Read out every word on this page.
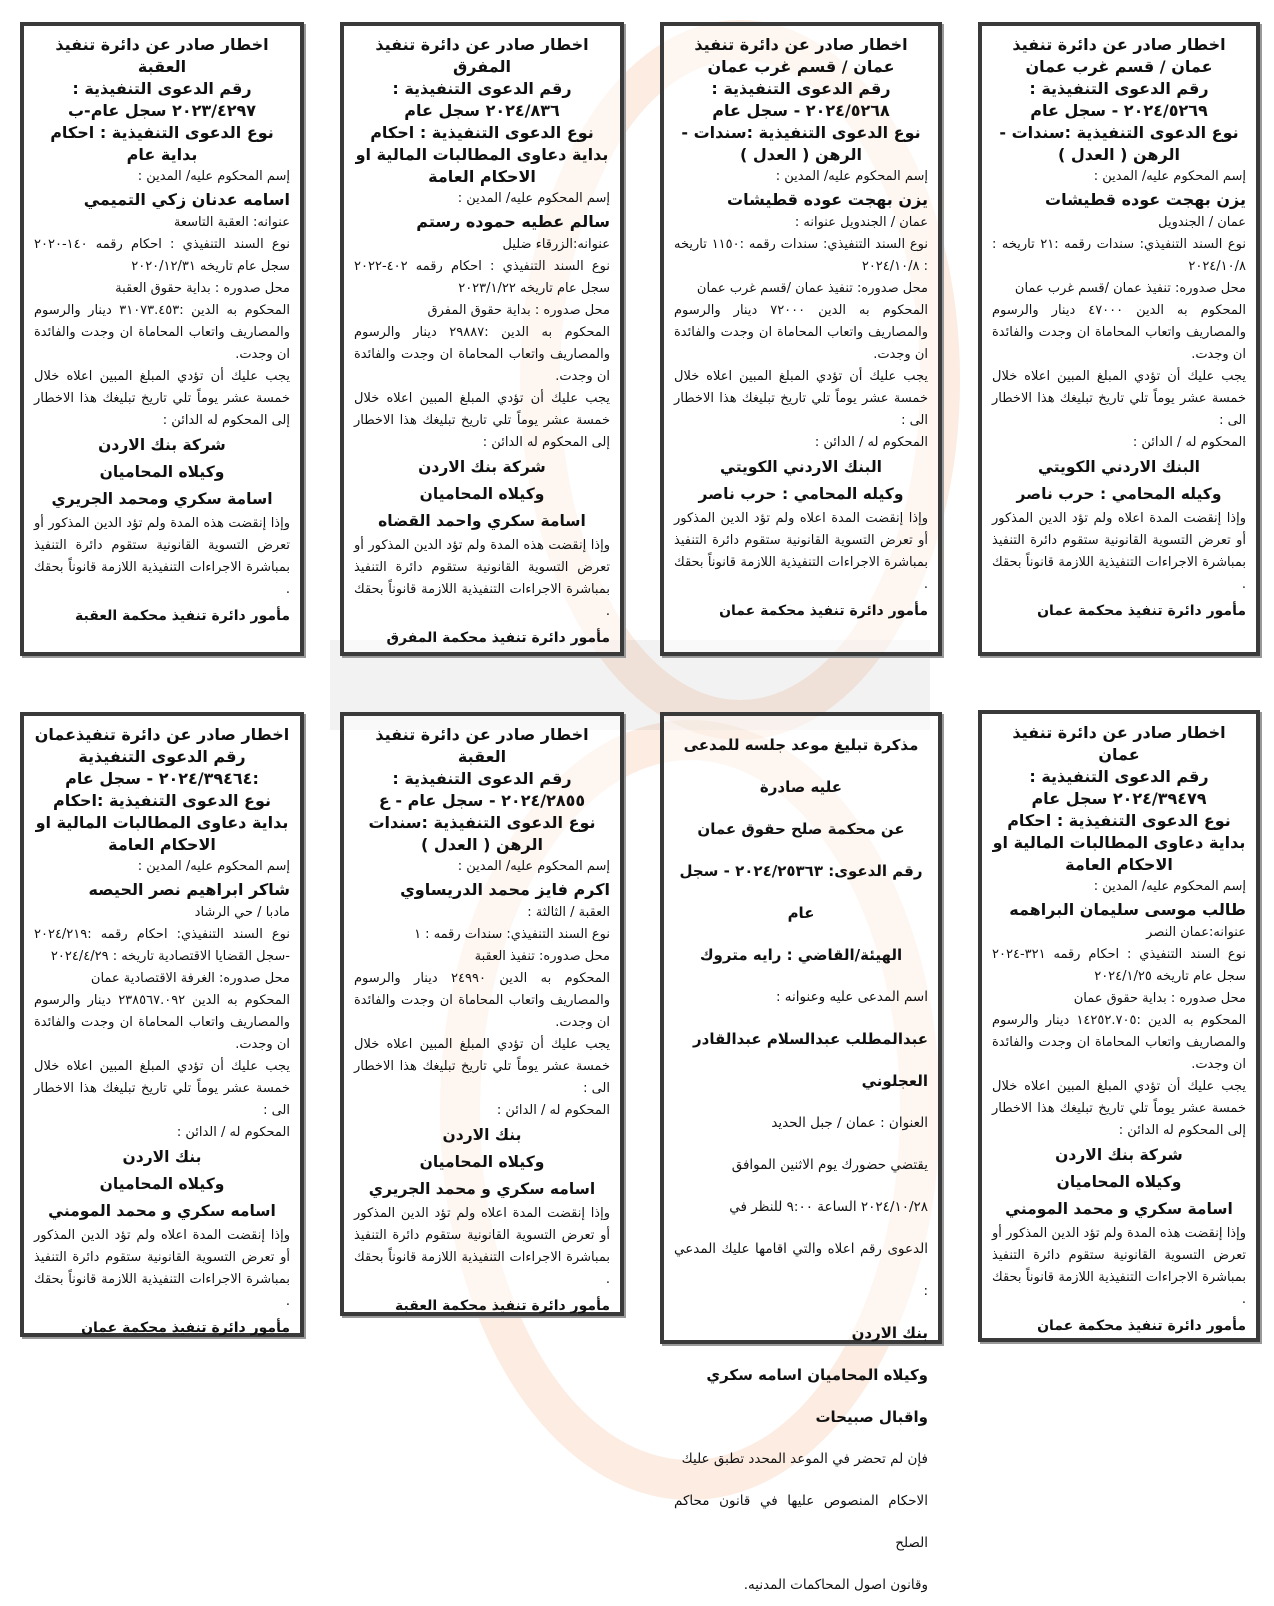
اخطار صادر عن دائرة تنفيذ عمان / قسم غرب عمان

رقم الدعوى التنفيذية : ٢٠٢٤/٥٢٦٩ - سجل عام

نوع الدعوى التنفيذية :سندات - الرهن ( العدل )

إسم المحكوم عليه/ المدين :

يزن بهجت عوده قطيشات

عمان / الجندويل

نوع السند التنفيذي: سندات رقمه :٢١ تاريخه : ٢٠٢٤/١٠/٨

محل صدوره: تنفيذ عمان /قسم غرب عمان

المحكوم به الدين ٤٧٠٠٠ دينار والرسوم والمصاريف واتعاب المحاماة ان وجدت والفائدة ان وجدت.

يجب عليك أن تؤدي المبلغ المبين اعلاه خلال خمسة عشر يوماً تلي تاريخ تبليغك هذا الاخطار الى :

المحكوم له / الدائن :

البنك الاردني الكويتي

وكيله المحامي : حرب ناصر

وإذا إنقضت المدة اعلاه ولم تؤد الدين المذكور أو تعرض التسوية القانونية ستقوم دائرة التنفيذ بمباشرة الاجراءات التنفيذية اللازمة قانوناً بحقك .

مأمور دائرة تنفيذ محكمة عمان

اخطار صادر عن دائرة تنفيذ عمان / قسم غرب عمان

رقم الدعوى التنفيذية : ٢٠٢٤/٥٢٦٨ - سجل عام

نوع الدعوى التنفيذية :سندات - الرهن ( العدل )

إسم المحكوم عليه/ المدين :

يزن بهجت عوده قطيشات

عمان / الجندويل عنوانه :

نوع السند التنفيذي: سندات رقمه :١١٥٠ تاريخه : ٢٠٢٤/١٠/٨

محل صدوره: تنفيذ عمان /قسم غرب عمان

المحكوم به الدين ٧٢٠٠٠ دينار والرسوم والمصاريف واتعاب المحاماة ان وجدت والفائدة ان وجدت.

يجب عليك أن تؤدي المبلغ المبين اعلاه خلال خمسة عشر يوماً تلي تاريخ تبليغك هذا الاخطار الى :

المحكوم له / الدائن :

البنك الاردني الكويتي

وكيله المحامي : حرب ناصر

وإذا إنقضت المدة اعلاه ولم تؤد الدين المذكور أو تعرض التسوية القانونية ستقوم دائرة التنفيذ بمباشرة الاجراءات التنفيذية اللازمة قانوناً بحقك .

مأمور دائرة تنفيذ محكمة عمان

اخطار صادر عن دائرة تنفيذ المفرق

رقم الدعوى التنفيذية : ٢٠٢٤/٨٣٦ سجل عام

نوع الدعوى التنفيذية : احكام بداية دعاوى المطالبات المالية او الاحكام العامة

إسم المحكوم عليه/ المدين :

سالم عطيه حموده رستم

عنوانه:الزرقاء ضليل

نوع السند التنفيذي : احكام رقمه ٤٠٢-٢٠٢٢ سجل عام تاريخه ٢٠٢٣/١/٢٢

محل صدوره : بداية حقوق المفرق

المحكوم به الدين :٢٩٨٨٧ دينار والرسوم والمصاريف واتعاب المحاماة ان وجدت والفائدة ان وجدت.

يجب عليك أن تؤدي المبلغ المبين اعلاه خلال خمسة عشر يوماً تلي تاريخ تبليغك هذا الاخطار إلى المحكوم له الدائن :

شركة بنك الاردن

وكيلاه المحاميان

اسامة سكري واحمد القضاه

وإذا إنقضت هذه المدة ولم تؤد الدين المذكور أو تعرض التسوية القانونية ستقوم دائرة التنفيذ بمباشرة الاجراءات التنفيذية اللازمة قانوناً بحقك .

مأمور دائرة تنفيذ محكمة المفرق

اخطار صادر عن دائرة تنفيذ العقبة

رقم الدعوى التنفيذية : ٢٠٢٣/٤٢٩٧ سجل عام-ب

نوع الدعوى التنفيذية : احكام بداية عام

إسم المحكوم عليه/ المدين :

اسامه عدنان زكي التميمي

عنوانه: العقبة التاسعة

نوع السند التنفيذي : احكام رقمه ١٤٠-٢٠٢٠ سجل عام تاريخه ٢٠٢٠/١٢/٣١

محل صدوره : بداية حقوق العقبة

المحكوم به الدين :٣١٠٧٣.٤٥٣ دينار والرسوم والمصاريف واتعاب المحاماة ان وجدت والفائدة ان وجدت.

يجب عليك أن تؤدي المبلغ المبين اعلاه خلال خمسة عشر يوماً تلي تاريخ تبليغك هذا الاخطار إلى المحكوم له الدائن :

شركة بنك الاردن

وكيلاه المحاميان

اسامة سكري ومحمد الجريري

وإذا إنقضت هذه المدة ولم تؤد الدين المذكور أو تعرض التسوية القانونية ستقوم دائرة التنفيذ بمباشرة الاجراءات التنفيذية اللازمة قانوناً بحقك .

مأمور دائرة تنفيذ محكمة العقبة

اخطار صادر عن دائرة تنفيذ عمان

رقم الدعوى التنفيذية : ٢٠٢٤/٣٩٤٧٩ سجل عام

نوع الدعوى التنفيذية : احكام بداية دعاوى المطالبات المالية او الاحكام العامة

إسم المحكوم عليه/ المدين :

طالب موسى سليمان البراهمه

عنوانه:عمان النصر

نوع السند التنفيذي : احكام رقمه ٣٢١-٢٠٢٤ سجل عام تاريخه ٢٠٢٤/١/٢٥

محل صدوره : بداية حقوق عمان

المحكوم به الدين :١٤٢٥٢.٧٠٥ دينار والرسوم والمصاريف واتعاب المحاماة ان وجدت والفائدة ان وجدت.

يجب عليك أن تؤدي المبلغ المبين اعلاه خلال خمسة عشر يوماً تلي تاريخ تبليغك هذا الاخطار إلى المحكوم له الدائن :

شركة بنك الاردن

وكيلاه المحاميان

اسامة سكري و محمد المومني

وإذا إنقضت هذه المدة ولم تؤد الدين المذكور أو تعرض التسوية القانونية ستقوم دائرة التنفيذ بمباشرة الاجراءات التنفيذية اللازمة قانوناً بحقك .

مأمور دائرة تنفيذ محكمة عمان

مذكرة تبليغ موعد جلسه للمدعى عليه صادرة

عن محكمة صلح حقوق عمان

رقم الدعوى: ٢٠٢٤/٢٥٣٦٣ - سجل عام

الهيئة/القاضي : رايه متروك

اسم المدعى عليه وعنوانه :

عبدالمطلب عبدالسلام عبدالقادر العجلوني

العنوان : عمان / جبل الحديد

يقتضي حضورك يوم الاثنين الموافق

٢٠٢٤/١٠/٢٨ الساعة ٩:٠٠ للنظر في

الدعوى رقم اعلاه والتي اقامها عليك المدعي :

بنك الاردن

وكيلاه المحاميان اسامه سكري واقبال صبيحات

فإن لم تحضر في الموعد المحدد تطبق عليك

الاحكام المنصوص عليها في قانون محاكم الصلح

وقانون اصول المحاكمات المدنيه.

اخطار صادر عن دائرة تنفيذ العقبة

رقم الدعوى التنفيذية : ٢٠٢٤/٢٨٥٥ - سجل عام - ع

نوع الدعوى التنفيذية :سندات الرهن ( العدل )

إسم المحكوم عليه/ المدين :

اكرم فايز محمد الدريساوي

العقبة / الثالثة :

نوع السند التنفيذي: سندات رقمه : ١

محل صدوره: تنفيذ العقبة

المحكوم به الدين ٢٤٩٩٠ دينار والرسوم والمصاريف واتعاب المحاماة ان وجدت والفائدة ان وجدت.

يجب عليك أن تؤدي المبلغ المبين اعلاه خلال خمسة عشر يوماً تلي تاريخ تبليغك هذا الاخطار الى :

المحكوم له / الدائن :

بنك الاردن

وكيلاه المحاميان

اسامه سكري و محمد الجريري

وإذا إنقضت المدة اعلاه ولم تؤد الدين المذكور أو تعرض التسوية القانونية ستقوم دائرة التنفيذ بمباشرة الاجراءات التنفيذية اللازمة قانوناً بحقك .

مأمور دائرة تنفيذ محكمة العقبة

اخطار صادر عن دائرة تنفيذعمان

رقم الدعوى التنفيذية :٢٠٢٤/٣٩٤٦٤ - سجل عام

نوع الدعوى التنفيذية :احكام بداية دعاوى المطالبات المالية او الاحكام العامة

إسم المحكوم عليه/ المدين :

شاكر ابراهيم نصر الحيصه

مادبا / حي الرشاد

نوع السند التنفيذي: احكام رقمه :٢٠٢٤/٢١٩ -سجل القضايا الاقتصادية تاريخه : ٢٠٢٤/٤/٢٩

محل صدوره: الغرفة الاقتصادية عمان

المحكوم به الدين ٢٣٨٥٦٧.٠٩٢ دينار والرسوم والمصاريف واتعاب المحاماة ان وجدت والفائدة ان وجدت.

يجب عليك أن تؤدي المبلغ المبين اعلاه خلال خمسة عشر يوماً تلي تاريخ تبليغك هذا الاخطار الى :

المحكوم له / الدائن :

بنك الاردن

وكيلاه المحاميان

اسامه سكري و محمد المومني

وإذا إنقضت المدة اعلاه ولم تؤد الدين المذكور أو تعرض التسوية القانونية ستقوم دائرة التنفيذ بمباشرة الاجراءات التنفيذية اللازمة قانوناً بحقك .

مأمور دائرة تنفيذ محكمة عمان
